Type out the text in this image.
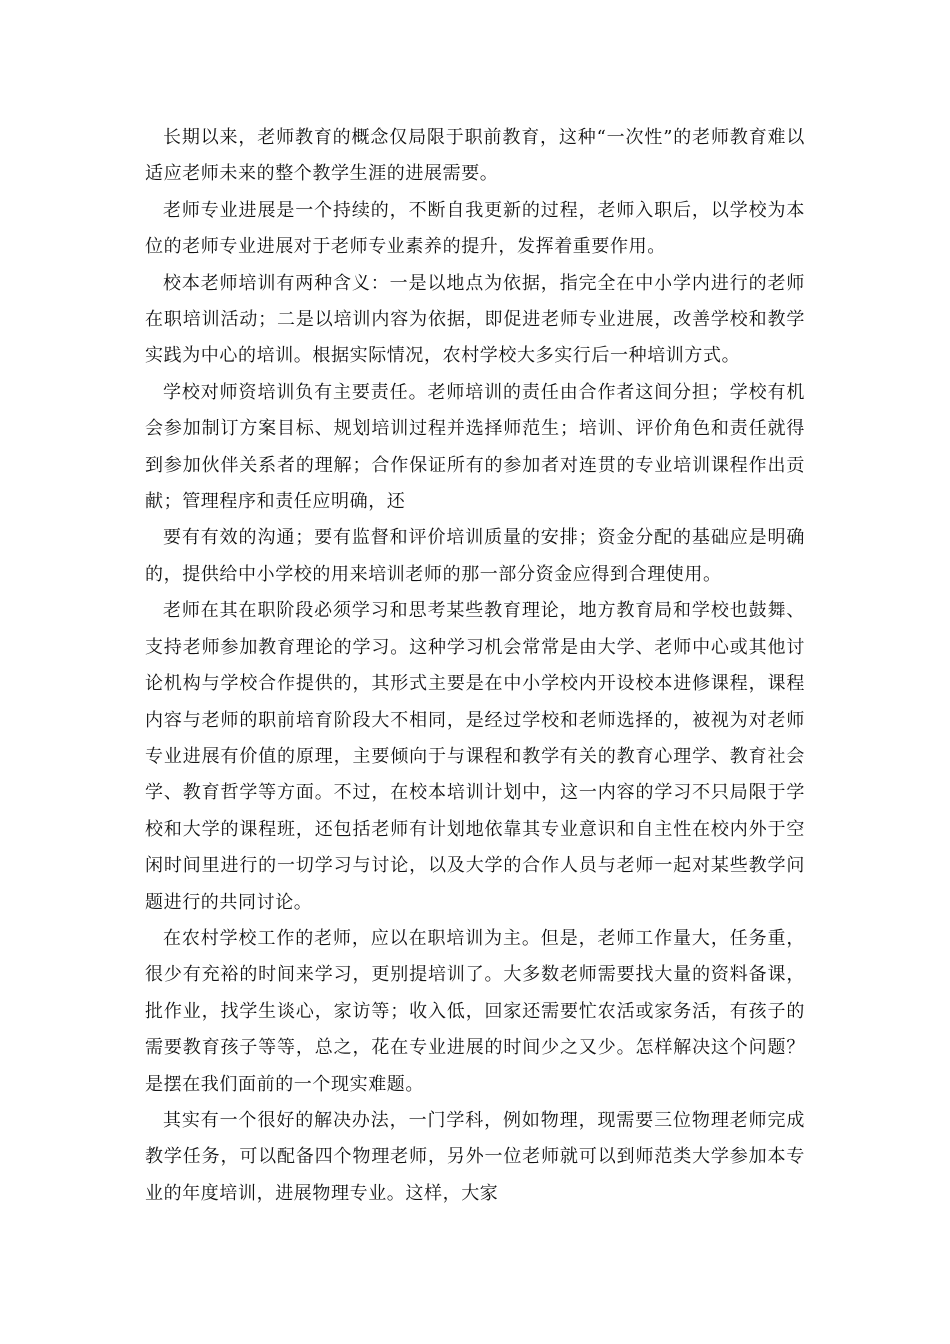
长期以来，老师教育的概念仅局限于职前教育，这种“一次性”的老师教育难以适应老师未来的整个教学生涯的进展需要。

老师专业进展是一个持续的，不断自我更新的过程，老师入职后，以学校为本位的老师专业进展对于老师专业素养的提升，发挥着重要作用。

校本老师培训有两种含义：一是以地点为依据，指完全在中小学内进行的老师在职培训活动；二是以培训内容为依据，即促进老师专业进展，改善学校和教学实践为中心的培训。根据实际情况，农村学校大多实行后一种培训方式。

学校对师资培训负有主要责任。老师培训的责任由合作者这间分担；学校有机会参加制订方案目标、规划培训过程并选择师范生；培训、评价角色和责任就得到参加伙伴关系者的理解；合作保证所有的参加者对连贯的专业培训课程作出贡献；管理程序和责任应明确，还

要有有效的沟通；要有监督和评价培训质量的安排；资金分配的基础应是明确的，提供给中小学校的用来培训老师的那一部分资金应得到合理使用。

老师在其在职阶段必须学习和思考某些教育理论，地方教育局和学校也鼓舞、支持老师参加教育理论的学习。这种学习机会常常是由大学、老师中心或其他讨论机构与学校合作提供的，其形式主要是在中小学校内开设校本进修课程，课程内容与老师的职前培育阶段大不相同，是经过学校和老师选择的，被视为对老师专业进展有价值的原理，主要倾向于与课程和教学有关的教育心理学、教育社会学、教育哲学等方面。不过，在校本培训计划中，这一内容的学习不只局限于学校和大学的课程班，还包括老师有计划地依靠其专业意识和自主性在校内外于空闲时间里进行的一切学习与讨论，以及大学的合作人员与老师一起对某些教学问题进行的共同讨论。

在农村学校工作的老师，应以在职培训为主。但是，老师工作量大，任务重，很少有充裕的时间来学习，更别提培训了。大多数老师需要找大量的资料备课，批作业，找学生谈心，家访等；收入低，回家还需要忙农活或家务活，有孩子的需要教育孩子等等，总之，花在专业进展的时间少之又少。怎样解决这个问题？是摆在我们面前的一个现实难题。

其实有一个很好的解决办法，一门学科，例如物理，现需要三位物理老师完成教学任务，可以配备四个物理老师，另外一位老师就可以到师范类大学参加本专业的年度培训，进展物理专业。这样，大家
